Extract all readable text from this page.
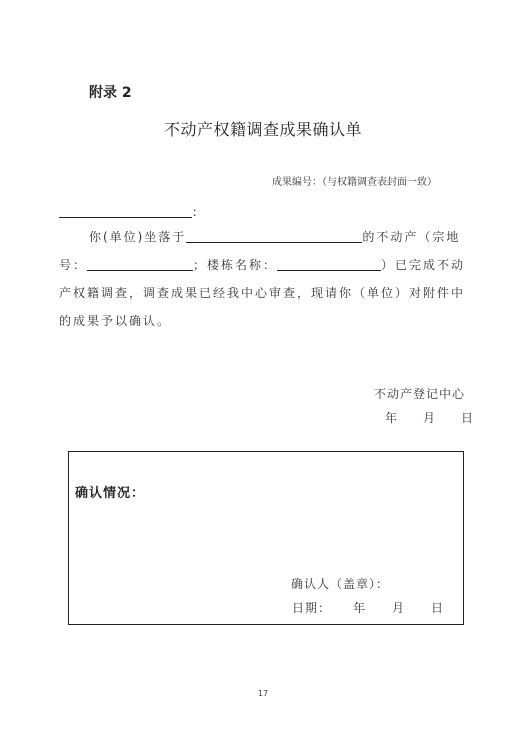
附录 2
不动产权籍调查成果确认单
成果编号：（与权籍调查表封面一致）
：
你(单位)坐落于	的不动产（宗地
号：	；楼栋名称：	）已完成不动
产权籍调查，调查成果已经我中心审查，现请你（单位）对附件中
的成果予以确认。
不动产登记中心
年 月 日
确认情况：
确认人（盖章）：
日期： 年 月 日
17
